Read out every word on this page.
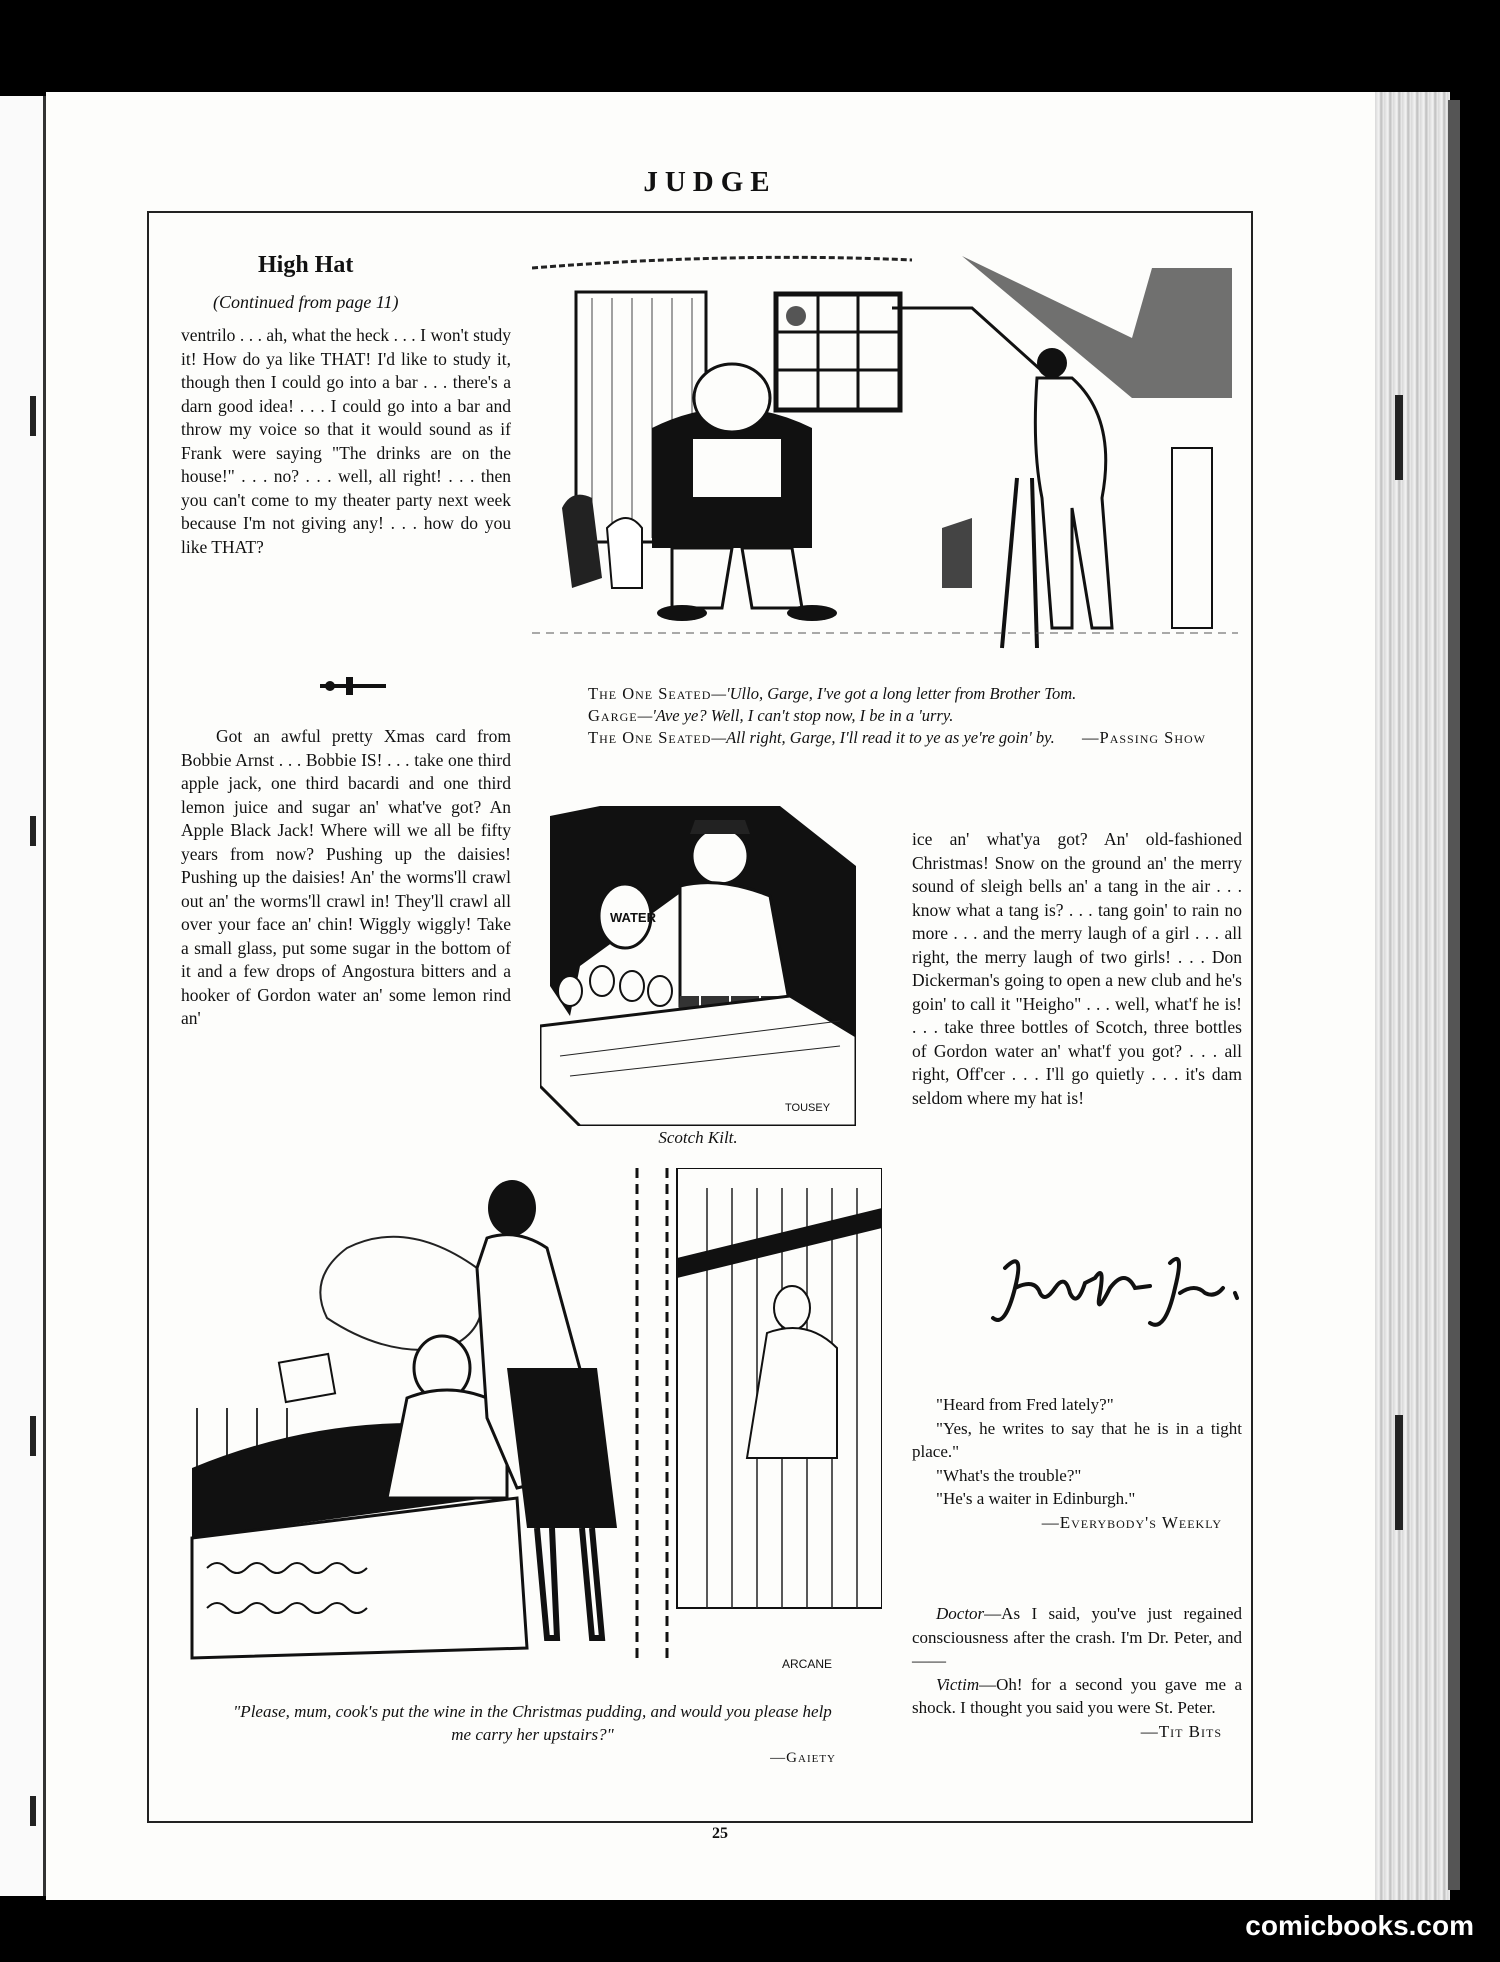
JUDGE
High Hat
(Continued from page 11)

ventrilo . . . ah, what the heck . . . I won't study it! How do ya like THAT! I'd like to study it, though then I could go into a bar . . . there's a darn good idea! . . . I could go into a bar and throw my voice so that it would sound as if Frank were saying "The drinks are on the house!" . . . no? . . . well, all right! . . . then you can't come to my theater party next week because I'm not giving any! . . . how do you like THAT?

Got an awful pretty Xmas card from Bobbie Arnst . . . Bobbie IS! . . . take one third apple jack, one third bacardi and one third lemon juice and sugar an' what've got? An Apple Black Jack! Where will we all be fifty years from now? Pushing up the daisies! Pushing up the daisies! An' the worms'll crawl out an' the worms'll crawl in! They'll crawl all over your face an' chin! Wiggly wiggly! Take a small glass, put some sugar in the bottom of it and a few drops of Angostura bitters and a hooker of Gordon water an' some lemon rind an'

The One Seated—'Ullo, Garge, I've got a long letter from Brother Tom.
Garge—'Ave ye? Well, I can't stop now, I be in a 'urry.
The One Seated—All right, Garge, I'll read it to ye as ye're goin' by.	—Passing Show
WATER
TOUSEY
Scotch Kilt.

ice an' what'ya got? An' old-fashioned Christmas! Snow on the ground an' the merry sound of sleigh bells an' a tang in the air . . . know what a tang is? . . . tang goin' to rain no more . . . and the merry laugh of a girl . . . all right, the merry laugh of two girls! . . . Don Dickerman's going to open a new club and he's goin' to call it "Heigho" . . . well, what'f he is! . . . take three bottles of Scotch, three bottles of Gordon water an' what'f you got? . . . all right, Off'cer . . . I'll go quietly . . . it's dam seldom where my hat is!

ARCANE
"Please, mum, cook's put the wine in the Christmas pudding, and would you please help me carry her upstairs?"
—Gaiety

"Heard from Fred lately?"

"Yes, he writes to say that he is in a tight place."

"What's the trouble?"

"He's a waiter in Edinburgh."

—Everybody's Weekly

Doctor—As I said, you've just regained consciousness after the crash. I'm Dr. Peter, and——

Victim—Oh! for a second you gave me a shock. I thought you said you were St. Peter.

—Tit Bits

25
comicbooks.com
